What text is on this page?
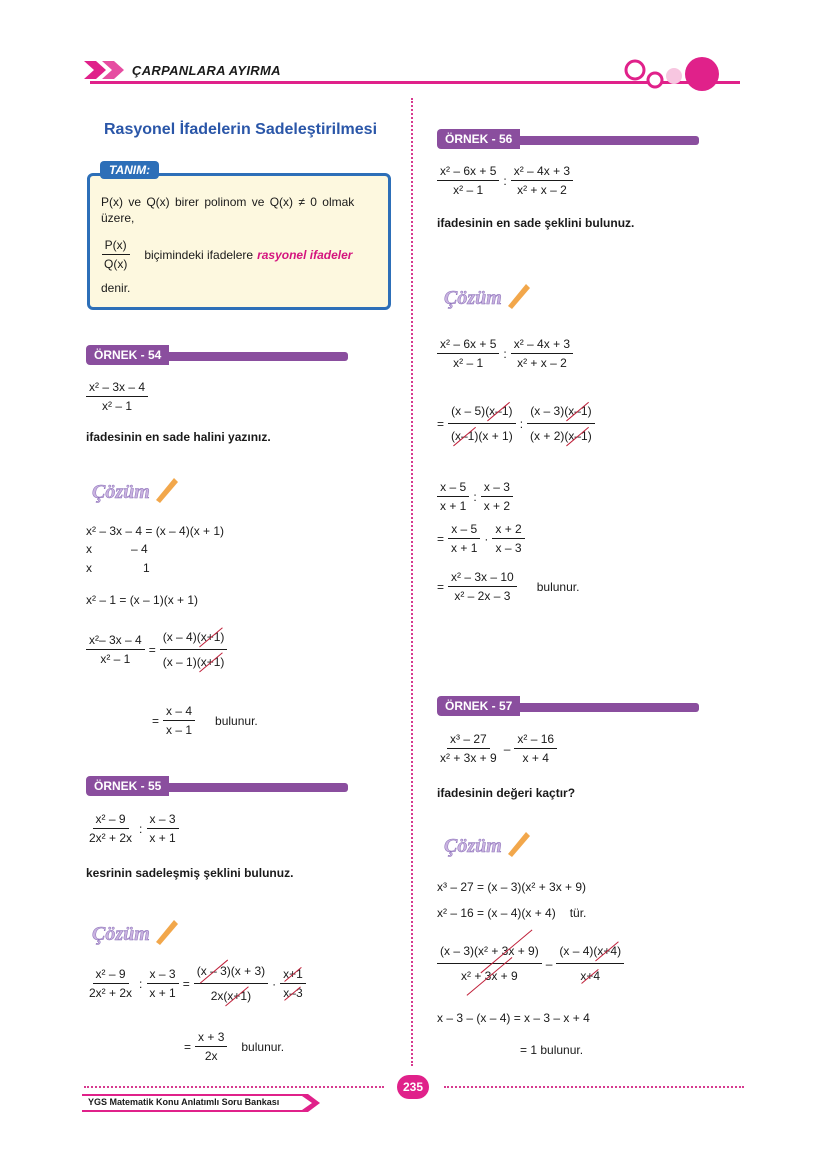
ÇARPANLARA AYIRMA
Rasyonel İfadelerin Sadeleştirilmesi
TANIM:
P(x) ve Q(x) birer polinom ve Q(x) ≠ 0 olmak
üzere,
$\frac{P(x)}{Q(x)}$ biçimindeki ifadelere rasyonel ifadeler
denir.
ÖRNEK - 54
$\frac{\text{x² – 3x – 4}}{\text{x² – 1}}$
ifadesinin en sade halini yazınız.
Çözüm
x² – 3x – 4 = (x – 4)(x + 1)
x	– 4
x	1
x² – 1 = (x – 1)(x + 1)
$\frac{\text{x²– 3x – 4}}{\text{x² – 1}} = \frac{(x - 4)(x+1)}{(x - 1)(x+1)}$
= $\frac{x - 4}{x - 1}$ bulunur.
ÖRNEK - 55
$\frac{\text{x² – 9}}{\text{2x² + 2x}}$ : $\frac{x - 3}{x + 1}$
kesrinin sadeleşmiş şeklini bulunuz.
Çözüm
$\frac{\text{x² – 9}}{\text{2x² + 2x}}$ : $\frac{x - 3}{x + 1} = \frac{(x - 3)(x + 3)}{2x(x+1)} \cdot \frac{x+1}{x-3}$
= $\frac{x + 3}{2x}$ bulunur.
ÖRNEK - 56
$\frac{\text{x² – 6x + 5}}{\text{x² – 1}}$ : $\frac{\text{x² – 4x + 3}}{\text{x² + x – 2}}$
ifadesinin en sade şeklini bulunuz.
Çözüm
$\frac{\text{x² – 6x + 5}}{\text{x² – 1}}$ : $\frac{\text{x² – 4x + 3}}{\text{x² + x – 2}}$
= $\frac{(x - 5)(x-1)}{(x-1)(x + 1)}$ : $\frac{(x - 3)(x-1)}{(x + 2)(x-1)}$
$\frac{x - 5}{x + 1}$ : $\frac{x - 3}{x + 2}$
= $\frac{x - 5}{x + 1} \cdot \frac{x + 2}{x - 3}$
= $\frac{\text{x² – 3x – 10}}{\text{x² – 2x – 3}}$ bulunur.
ÖRNEK - 57
$\frac{\text{x³ – 27}}{\text{x² + 3x + 9}} - \frac{\text{x² – 16}}{x + 4}$
ifadesinin değeri kaçtır?
Çözüm
x³ – 27 = (x – 3)(x² + 3x + 9)
x² – 16 = (x – 4)(x + 4) tür.
$\frac{\text{(x – 3)(x² + 3x + 9)}}{\text{x² + 3x + 9}} - \frac{(x - 4)(x+4)}{x+4}$
x – 3 – (x – 4) = x – 3 – x + 4
= 1 bulunur.
235
YGS Matematik Konu Anlatımlı Soru Bankası
